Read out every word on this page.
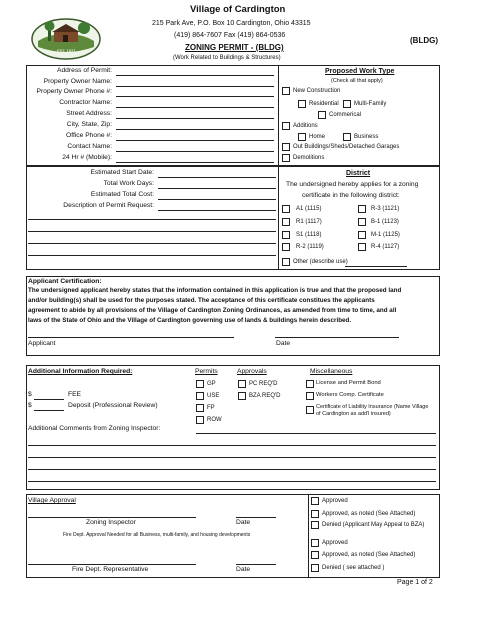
EST. 1837
Village of Cardington
215 Park Ave, P.O. Box 10 Cardington, Ohio 43315
(419) 864-7607 Fax (419) 864-0536
ZONING PERMIT - (BLDG)
(Work Related to Buildings & Structures)
(BLDG)
Address of Permit:
Property Owner Name:
Property Owner Phone #:
Contractor Name:
Street Address:
City, State, Zip:
Office Phone #:
Contact Name:
24 Hr # (Mobile):
Proposed Work Type
(Check all that apply)
New Construction
Residential	Multi-Family
Commerical
Additions
Home	Business
Out Buildings/Sheds/Detached Garages
Demolitions
Estimated Start Date:
Total Work Days:
Estimated Total Cost:
Description of Permit Request:
District
The undersigned hereby applies for a zoning
certificate in the following district:
A1 (1115)	R-3 (1121)
R1 (1117)	B-1 (1123)
S1 (1118)	M-1 (1125)
R-2 (1119)	R-4 (1127)
Other (describe use)
Applicant Certification:
The undersigned applicant hereby states that the information contained in this application is true and that the proposed land
and/or building(s) shall be used for the purposes stated. The acceptance of this certificate constitues the applicants
agreement to abide by all provisions of the Village of Cardington Zoning Ordinances, as amended from time to time, and all
laws of the State of Ohio and the Village of Cardington governing use of lands & buildings herein described.
Applicant	Date
Additional Information Required:	Permits
GP
USE
FP
ROW
Approvals
PC REQ'D
BZA REQ'D
Miscellaneous
License and Permit Bond
Workers Comp. Certificate
Certificate of Liability Insurance (Name Village
of Cardington as add'l insured)
$	FEE
$	Deposit (Professional Review)
Additional Comments from Zoning Inspector:
Village Approval
Zoning Inspector	Date
Fire Dept. Approval Needed for all Business, multi-family, and housing developments
Fire Dept. Representative	Date
Approved
Approved, as noted (See Attached)
Denied (Applicant May Appeal to BZA)
Approved
Approved, as noted (See Attached)
Denied ( see attached )
Page 1 of 2
